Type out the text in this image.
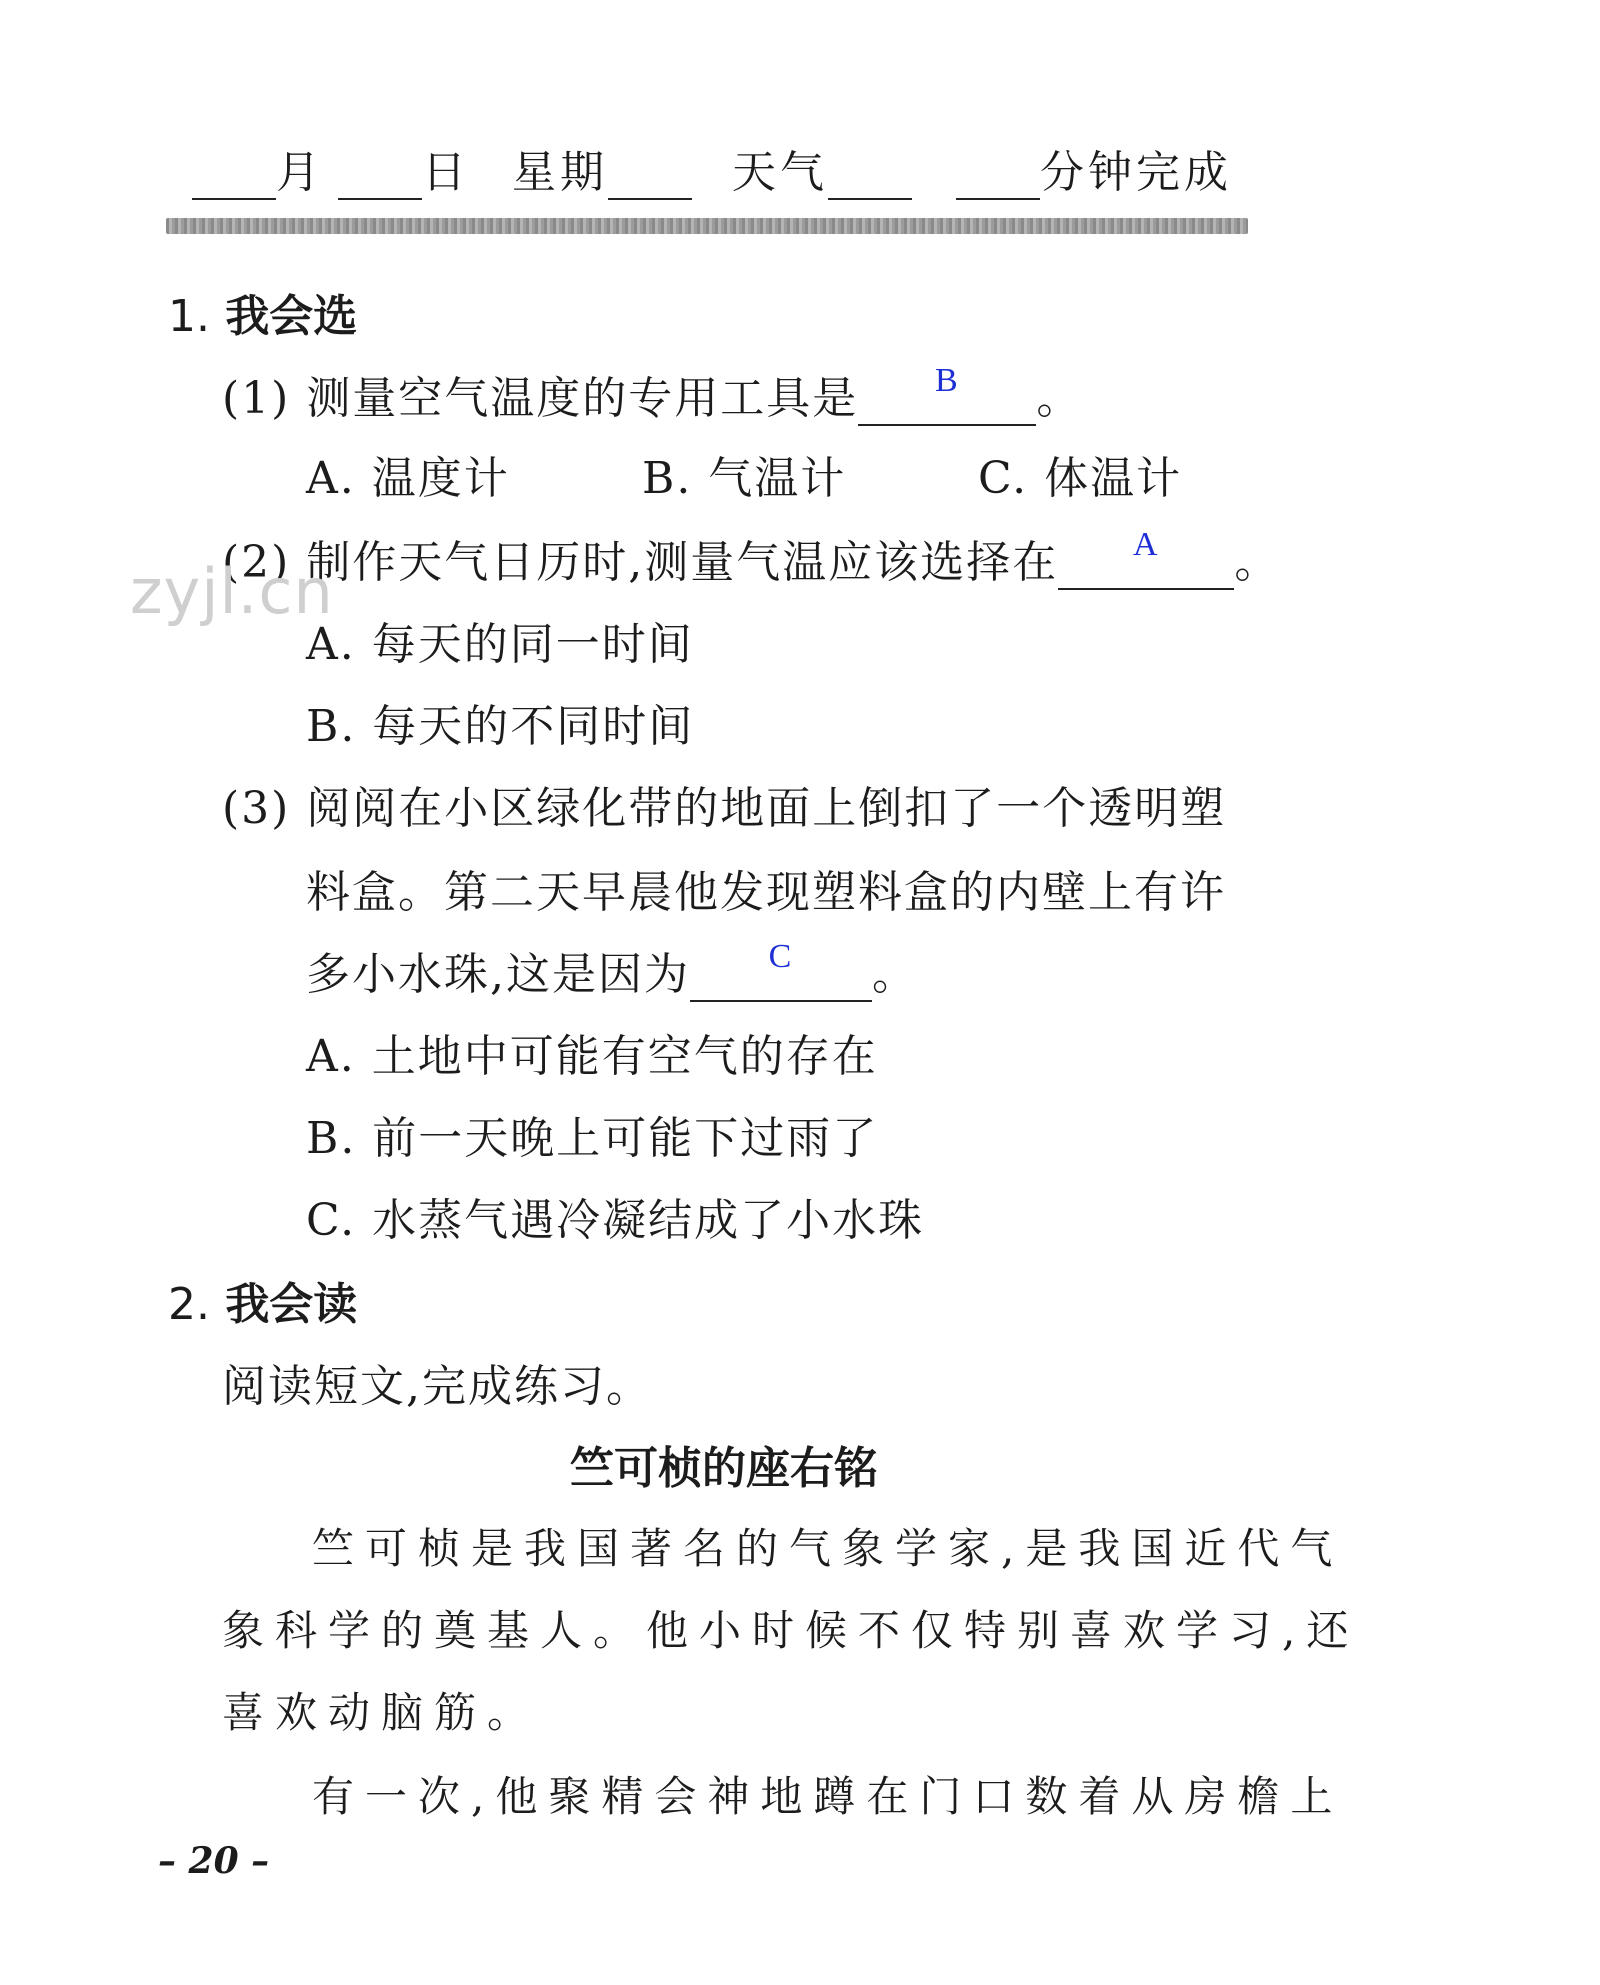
月	日 星期	天气	分钟完成
1. 我会选
(1) 测量空气温度的专用工具是	B	。
A. 温度计	B. 气温计	C. 体温计
(2) 制作天气日历时,测量气温应该选择在	A	。
zyjl.cn
A. 每天的同一时间
B. 每天的不同时间
(3) 阅阅在小区绿化带的地面上倒扣了一个透明塑
料盒。第二天早晨他发现塑料盒的内壁上有许
多小水珠,这是因为	C	。
A. 土地中可能有空气的存在
B. 前一天晚上可能下过雨了
C. 水蒸气遇冷凝结成了小水珠
2. 我会读
阅读短文,完成练习。
竺可桢的座右铭
竺可桢是我国著名的气象学家,是我国近代气
象科学的奠基人。他小时候不仅特别喜欢学习,还
喜欢动脑筋。
有一次,他聚精会神地蹲在门口数着从房檐上
– 20 –
